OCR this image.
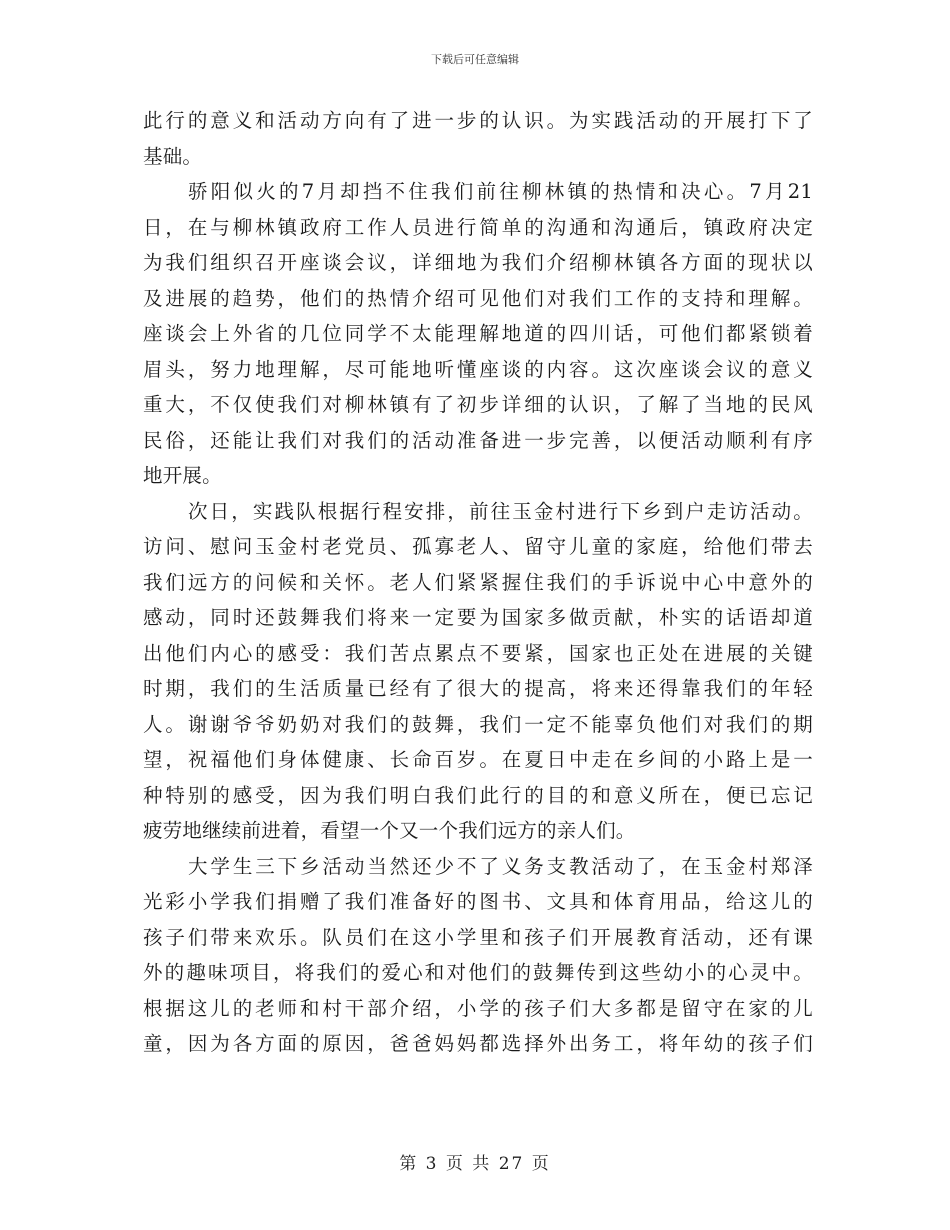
下载后可任意编辑
此行的意义和活动方向有了进一步的认识。为实践活动的开展打下了
基础。
骄阳似火的7月却挡不住我们前往柳林镇的热情和决心。7月21
日，在与柳林镇政府工作人员进行简单的沟通和沟通后，镇政府决定
为我们组织召开座谈会议，详细地为我们介绍柳林镇各方面的现状以
及进展的趋势，他们的热情介绍可见他们对我们工作的支持和理解。
座谈会上外省的几位同学不太能理解地道的四川话，可他们都紧锁着
眉头，努力地理解，尽可能地听懂座谈的内容。这次座谈会议的意义
重大，不仅使我们对柳林镇有了初步详细的认识，了解了当地的民风
民俗，还能让我们对我们的活动准备进一步完善，以便活动顺利有序
地开展。
次日，实践队根据行程安排，前往玉金村进行下乡到户走访活动。
访问、慰问玉金村老党员、孤寡老人、留守儿童的家庭，给他们带去
我们远方的问候和关怀。老人们紧紧握住我们的手诉说中心中意外的
感动，同时还鼓舞我们将来一定要为国家多做贡献，朴实的话语却道
出他们内心的感受：我们苦点累点不要紧，国家也正处在进展的关键
时期，我们的生活质量已经有了很大的提高，将来还得靠我们的年轻
人。谢谢爷爷奶奶对我们的鼓舞，我们一定不能辜负他们对我们的期
望，祝福他们身体健康、长命百岁。在夏日中走在乡间的小路上是一
种特别的感受，因为我们明白我们此行的目的和意义所在，便已忘记
疲劳地继续前进着，看望一个又一个我们远方的亲人们。
大学生三下乡活动当然还少不了义务支教活动了，在玉金村郑泽
光彩小学我们捐赠了我们准备好的图书、文具和体育用品，给这儿的
孩子们带来欢乐。队员们在这小学里和孩子们开展教育活动，还有课
外的趣味项目，将我们的爱心和对他们的鼓舞传到这些幼小的心灵中。
根据这儿的老师和村干部介绍，小学的孩子们大多都是留守在家的儿
童，因为各方面的原因，爸爸妈妈都选择外出务工，将年幼的孩子们
第 3 页 共 27 页
